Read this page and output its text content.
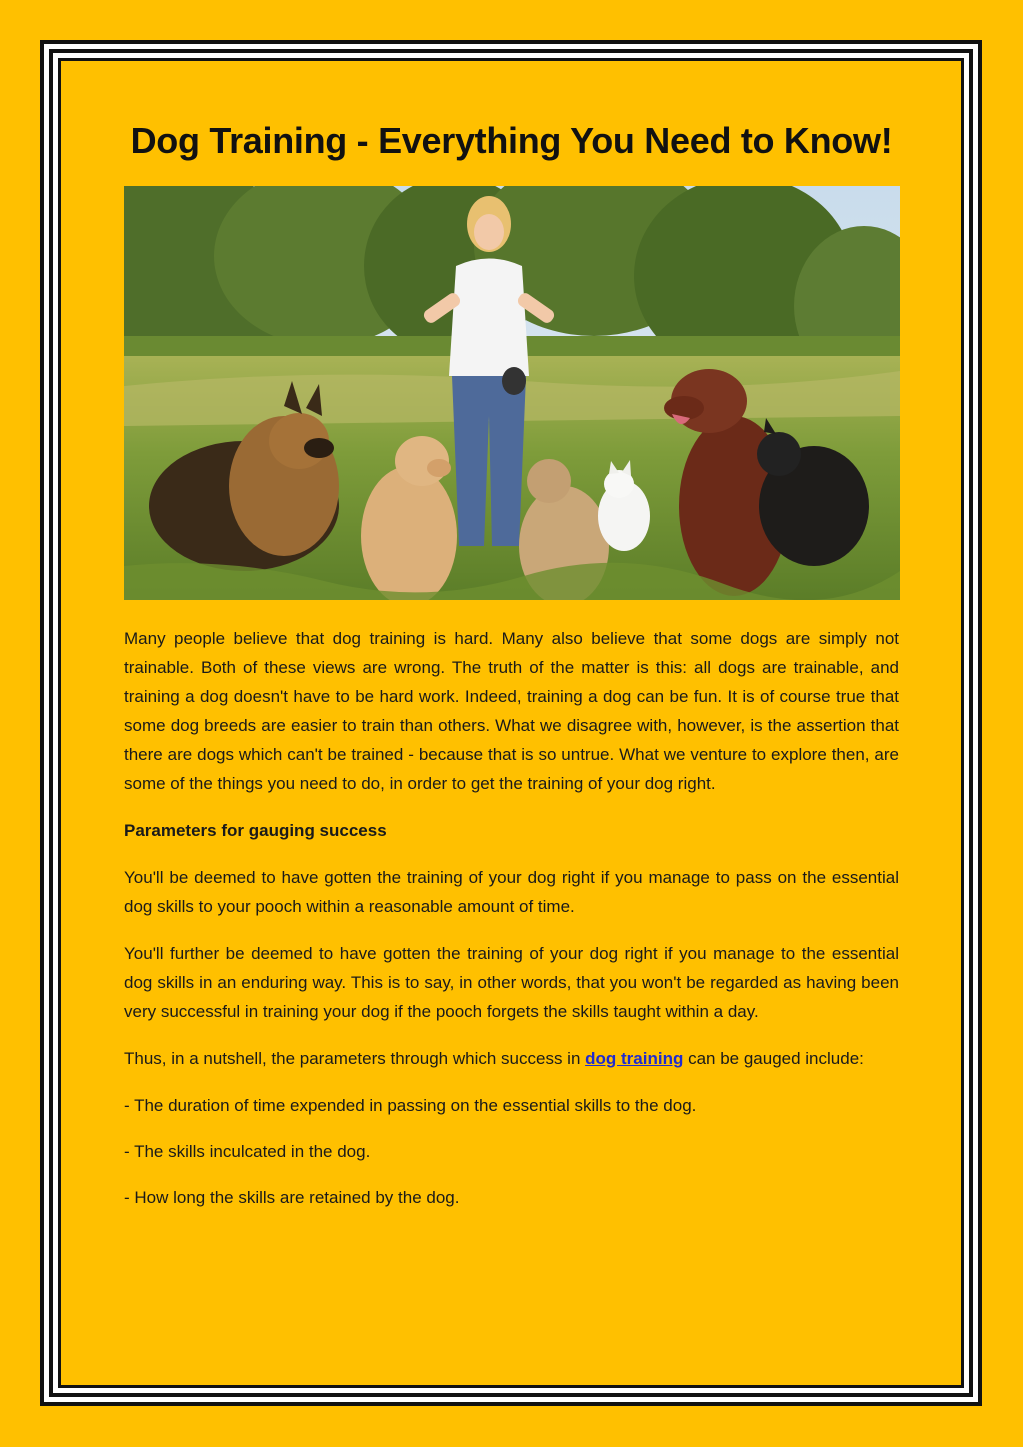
Dog Training - Everything You Need to Know!

Many people believe that dog training is hard. Many also believe that some dogs are simply not trainable. Both of these views are wrong. The truth of the matter is this: all dogs are trainable, and training a dog doesn't have to be hard work. Indeed, training a dog can be fun. It is of course true that some dog breeds are easier to train than others. What we disagree with, however, is the assertion that there are dogs which can't be trained - because that is so untrue. What we venture to explore then, are some of the things you need to do, in order to get the training of your dog right.

Parameters for gauging success

You'll be deemed to have gotten the training of your dog right if you manage to pass on the essential dog skills to your pooch within a reasonable amount of time.

You'll further be deemed to have gotten the training of your dog right if you manage to the essential dog skills in an enduring way. This is to say, in other words, that you won't be regarded as having been very successful in training your dog if the pooch forgets the skills taught within a day.

Thus, in a nutshell, the parameters through which success in dog training can be gauged include:

- The duration of time expended in passing on the essential skills to the dog.

- The skills inculcated in the dog.

- How long the skills are retained by the dog.
